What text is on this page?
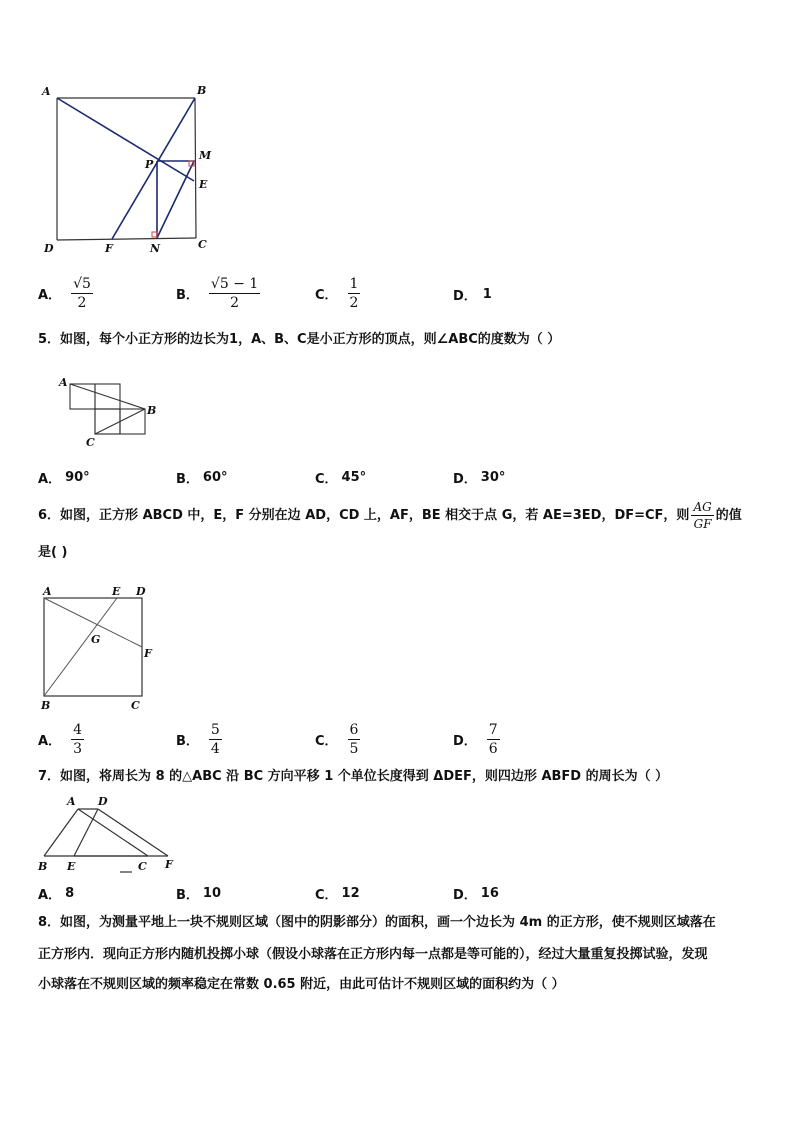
A	B
P
M
E
D	F	N	C
A． $\frac{√5}{2}$	B． $\frac{√5 - 1}{2}$	C． $\frac{1}{2}$	D． 1
5．如图，每个小正方形的边长为1，A、B、C是小正方形的顶点，则∠ABC的度数为（ ）
A
B
C
A． 90°	B． 60°	C． 45°	D． 30°
6．如图，正方形 ABCD 中，E，F 分别在边 AD，CD 上，AF，BE 相交于点 G，若 AE=3ED，DF=CF，则 $\frac{AG}{GF}$ 的值
是( )
A	E D
G
F
B	C
A． $\frac{4}{3}$	B． $\frac{5}{4}$	C． $\frac{6}{5}$	D． $\frac{7}{6}$
7．如图，将周长为 8 的△ABC 沿 BC 方向平移 1 个单位长度得到 ΔDEF，则四边形 ABFD 的周长为（ ）
A D
B E	C F
A． 8	B． 10	C． 12	D． 16
8．如图，为测量平地上一块不规则区域（图中的阴影部分）的面积，画一个边长为 4m 的正方形，使不规则区域落在
正方形内．现向正方形内随机投掷小球（假设小球落在正方形内每一点都是等可能的），经过大量重复投掷试验，发现
小球落在不规则区域的频率稳定在常数 0.65 附近，由此可估计不规则区域的面积约为（ ）
